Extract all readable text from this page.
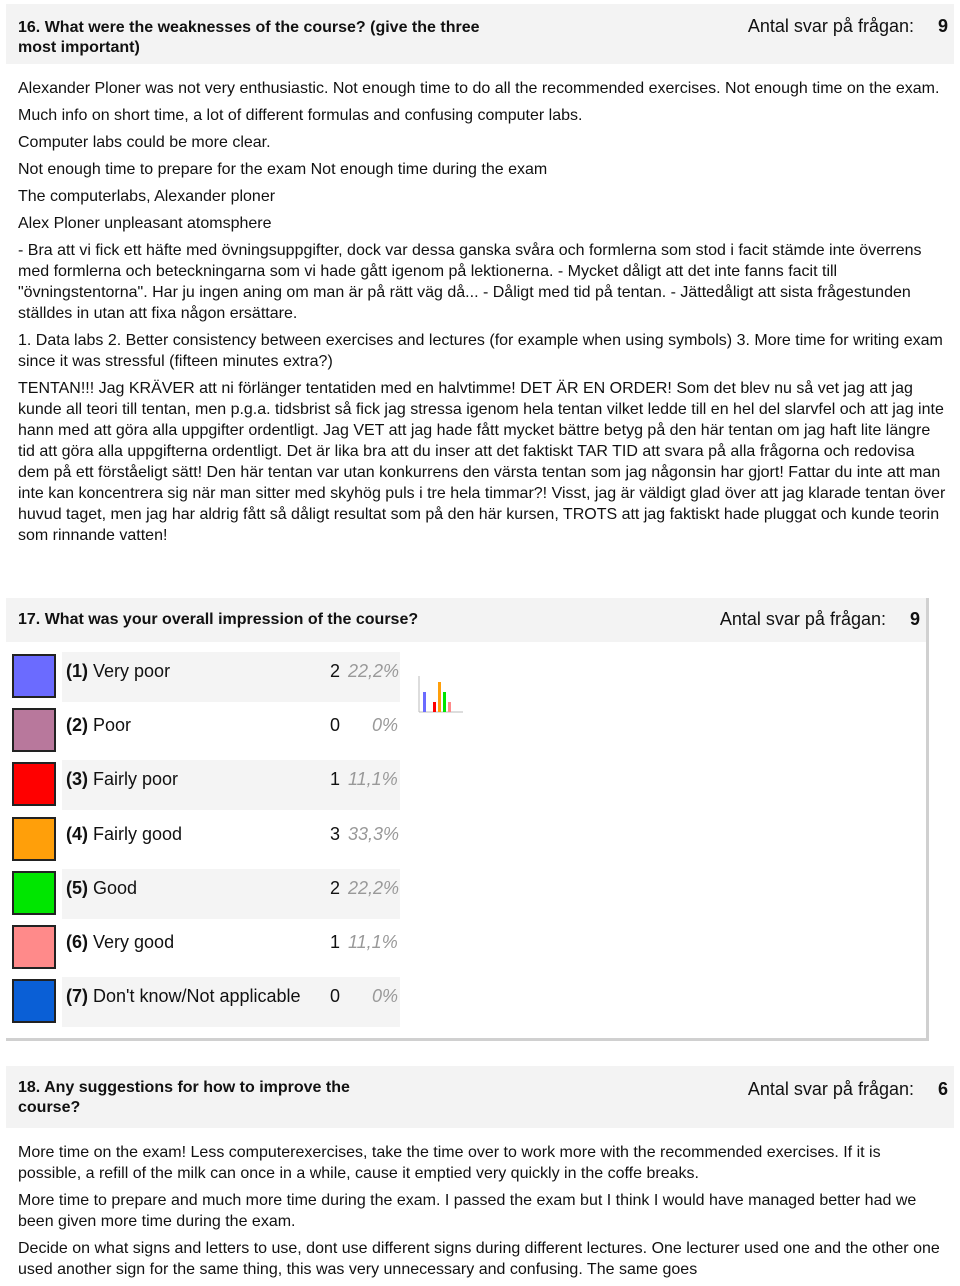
16. What were the weaknesses of the course? (give the three most important)
Antal svar på frågan: 9

Alexander Ploner was not very enthusiastic. Not enough time to do all the recommended exercises. Not enough time on the exam.

Much info on short time, a lot of different formulas and confusing computer labs.

Computer labs could be more clear.

Not enough time to prepare for the exam Not enough time during the exam

The computerlabs, Alexander ploner

Alex Ploner unpleasant atomsphere

- Bra att vi fick ett häfte med övningsuppgifter, dock var dessa ganska svåra och formlerna som stod i facit stämde inte överrens med formlerna och beteckningarna som vi hade gått igenom på lektionerna. - Mycket dåligt att det inte fanns facit till "övningstentorna". Har ju ingen aning om man är på rätt väg då... - Dåligt med tid på tentan. - Jättedåligt att sista frågestunden ställdes in utan att fixa någon ersättare.

1. Data labs 2. Better consistency between exercises and lectures (for example when using symbols) 3. More time for writing exam since it was stressful (fifteen minutes extra?)

TENTAN!!! Jag KRÄVER att ni förlänger tentatiden med en halvtimme! DET ÄR EN ORDER! Som det blev nu så vet jag att jag kunde all teori till tentan, men p.g.a. tidsbrist så fick jag stressa igenom hela tentan vilket ledde till en hel del slarvfel och att jag inte hann med att göra alla uppgifter ordentligt. Jag VET att jag hade fått mycket bättre betyg på den här tentan om jag haft lite längre tid att göra alla uppgifterna ordentligt. Det är lika bra att du inser att det faktiskt TAR TID att svara på alla frågorna och redovisa dem på ett förståeligt sätt! Den här tentan var utan konkurrens den värsta tentan som jag någonsin har gjort! Fattar du inte att man inte kan koncentrera sig när man sitter med skyhög puls i tre hela timmar?! Visst, jag är väldigt glad över att jag klarade tentan över huvud taget, men jag har aldrig fått så dåligt resultat som på den här kursen, TROTS att jag faktiskt hade pluggat och kunde teorin som rinnande vatten!

17. What was your overall impression of the course?	Antal svar på frågan: 9
(1) Very poor	2 22,2%
(2) Poor	0 0%
(3) Fairly poor	1 11,1%
(4) Fairly good	3 33,3%
(5) Good	2 22,2%
(6) Very good	1 11,1%
(7) Don't know/Not applicable 0 0%
18. Any suggestions for how to improve the course?
Antal svar på frågan: 6

More time on the exam! Less computerexercises, take the time over to work more with the recommended exercises. If it is possible, a refill of the milk can once in a while, cause it emptied very quickly in the coffe breaks.

More time to prepare and much more time during the exam. I passed the exam but I think I would have managed better had we been given more time during the exam.

Decide on what signs and letters to use, dont use different signs during different lectures. One lecturer used one and the other one used another sign for the same thing, this was very unnecessary and confusing. The same goes
